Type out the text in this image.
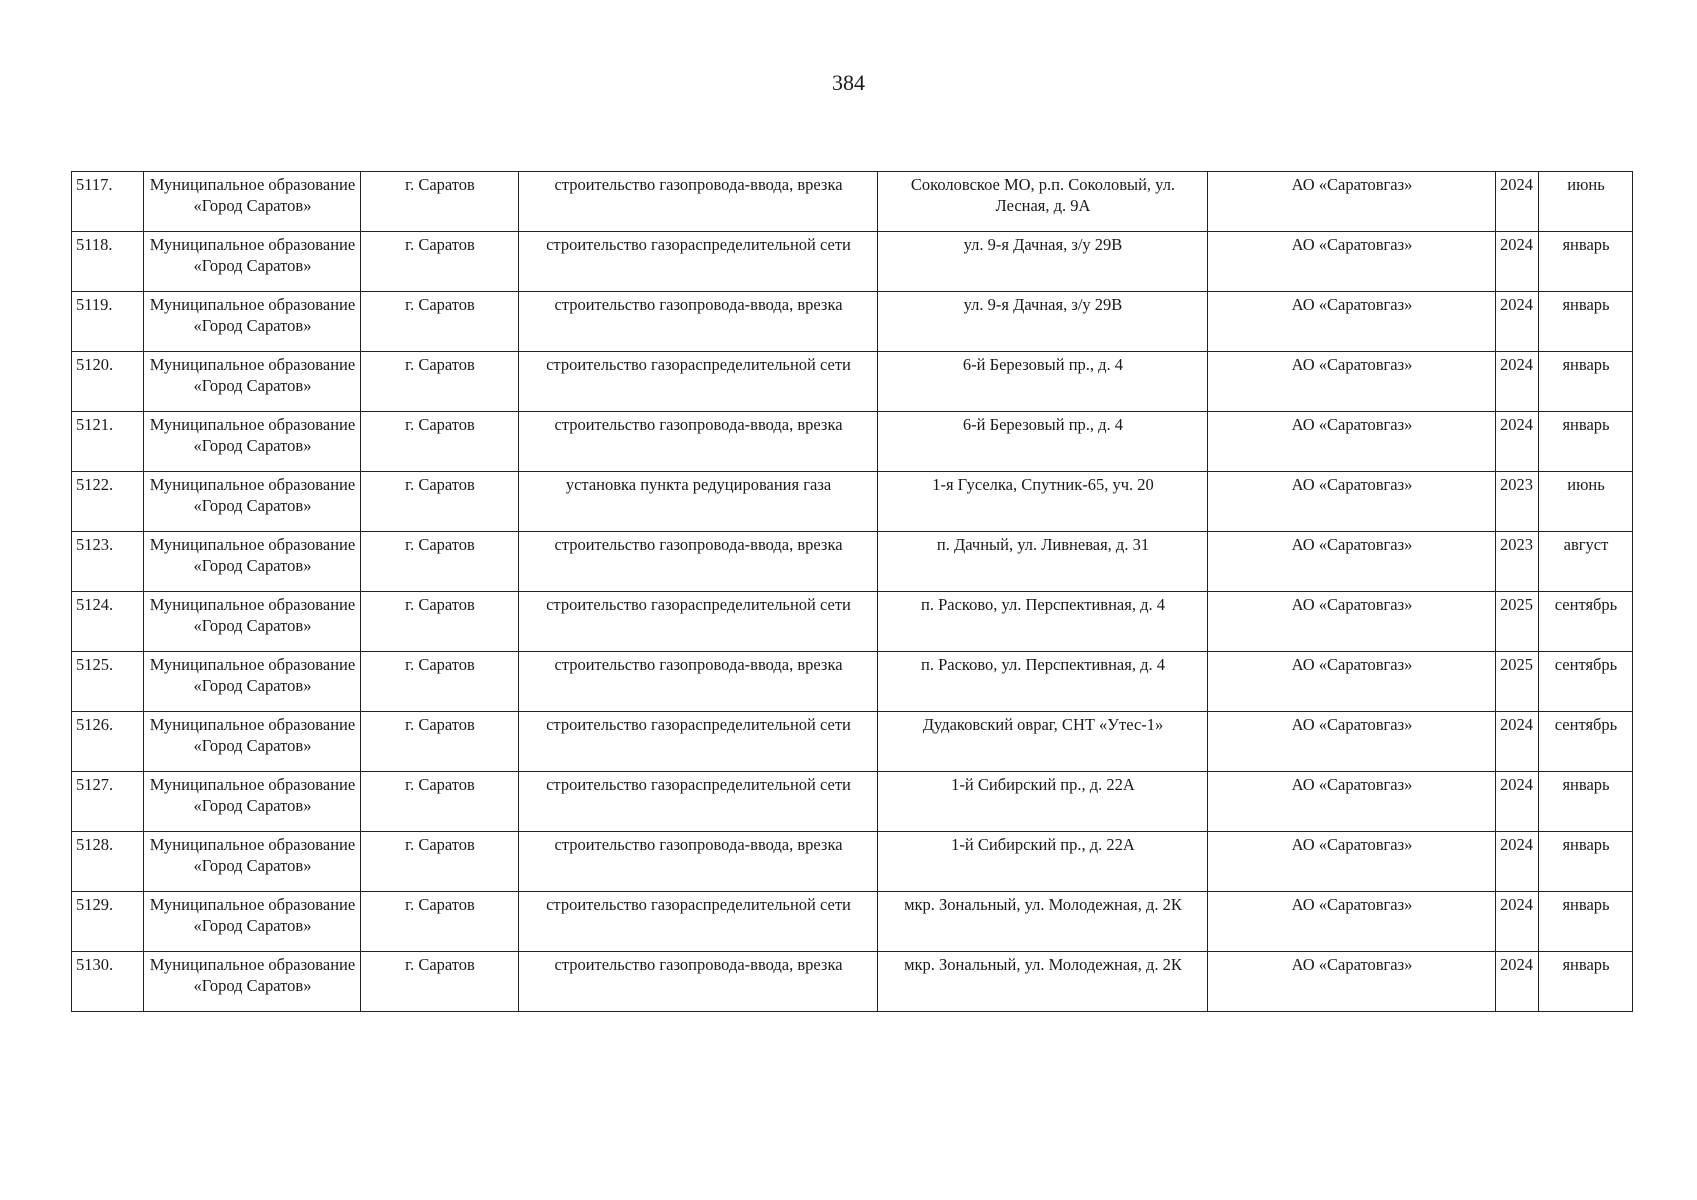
384
5117.	Муниципальное образование «Город Саратов»	г. Саратов	строительство газопровода-ввода, врезка	Соколовское МО, р.п. Соколовый, ул. Лесная, д. 9А	АО «Саратовгаз»	2024	июнь
5118.	Муниципальное образование «Город Саратов»	г. Саратов	строительство газораспределительной сети	ул. 9-я Дачная, з/у 29В	АО «Саратовгаз»	2024	январь
5119.	Муниципальное образование «Город Саратов»	г. Саратов	строительство газопровода-ввода, врезка	ул. 9-я Дачная, з/у 29В	АО «Саратовгаз»	2024	январь
5120.	Муниципальное образование «Город Саратов»	г. Саратов	строительство газораспределительной сети	6-й Березовый пр., д. 4	АО «Саратовгаз»	2024	январь
5121.	Муниципальное образование «Город Саратов»	г. Саратов	строительство газопровода-ввода, врезка	6-й Березовый пр., д. 4	АО «Саратовгаз»	2024	январь
5122.	Муниципальное образование «Город Саратов»	г. Саратов	установка пункта редуцирования газа	1-я Гуселка, Спутник-65, уч. 20	АО «Саратовгаз»	2023	июнь
5123.	Муниципальное образование «Город Саратов»	г. Саратов	строительство газопровода-ввода, врезка	п. Дачный, ул. Ливневая, д. 31	АО «Саратовгаз»	2023	август
5124.	Муниципальное образование «Город Саратов»	г. Саратов	строительство газораспределительной сети	п. Расково, ул. Перспективная, д. 4	АО «Саратовгаз»	2025	сентябрь
5125.	Муниципальное образование «Город Саратов»	г. Саратов	строительство газопровода-ввода, врезка	п. Расково, ул. Перспективная, д. 4	АО «Саратовгаз»	2025	сентябрь
5126.	Муниципальное образование «Город Саратов»	г. Саратов	строительство газораспределительной сети	Дудаковский овраг, СНТ «Утес-1»	АО «Саратовгаз»	2024	сентябрь
5127.	Муниципальное образование «Город Саратов»	г. Саратов	строительство газораспределительной сети	1-й Сибирский пр., д. 22А	АО «Саратовгаз»	2024	январь
5128.	Муниципальное образование «Город Саратов»	г. Саратов	строительство газопровода-ввода, врезка	1-й Сибирский пр., д. 22А	АО «Саратовгаз»	2024	январь
5129.	Муниципальное образование «Город Саратов»	г. Саратов	строительство газораспределительной сети	мкр. Зональный, ул. Молодежная, д. 2К	АО «Саратовгаз»	2024	январь
5130.	Муниципальное образование «Город Саратов»	г. Саратов	строительство газопровода-ввода, врезка	мкр. Зональный, ул. Молодежная, д. 2К	АО «Саратовгаз»	2024	январь
